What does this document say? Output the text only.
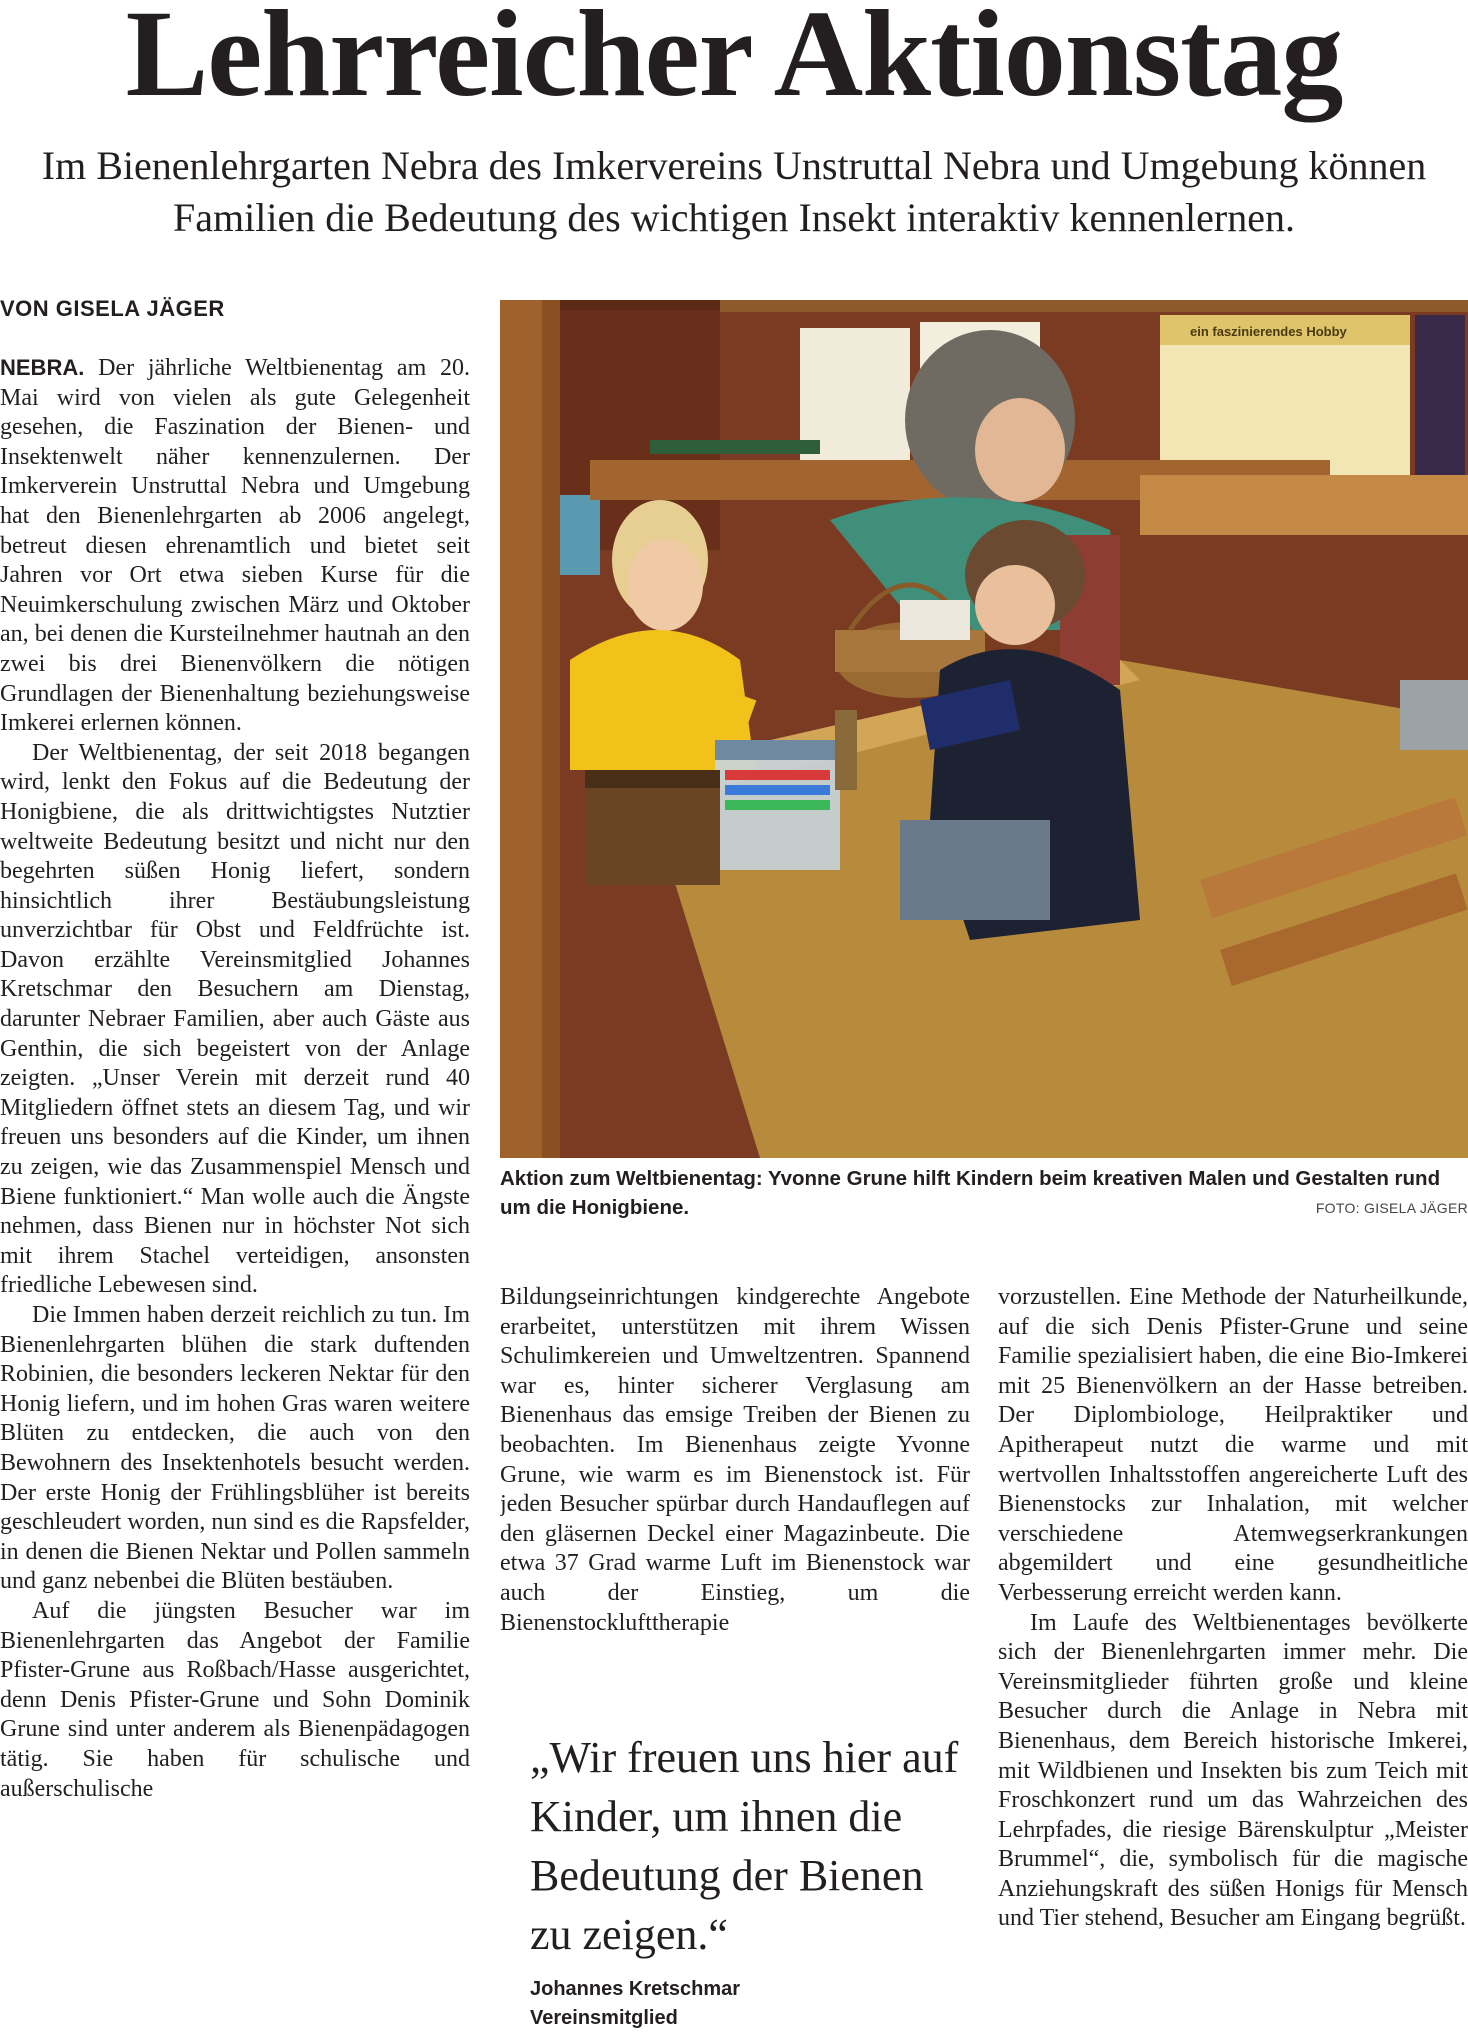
Lehrreicher Aktionstag

Im Bienenlehrgarten Nebra des Imkervereins Unstruttal Nebra und Umgebung können Familien die Bedeutung des wichtigen Insekt interaktiv kennenlernen.

VON GISELA JÄGER

NEBRA. Der jährliche Weltbienentag am 20. Mai wird von vielen als gute Gelegenheit gesehen, die Faszination der Bienen- und Insektenwelt näher kennenzulernen. Der Imkerverein Unstruttal Nebra und Umgebung hat den Bienenlehrgarten ab 2006 angelegt, betreut diesen ehrenamtlich und bietet seit Jahren vor Ort etwa sieben Kurse für die Neuimkerschulung zwischen März und Oktober an, bei denen die Kursteilnehmer hautnah an den zwei bis drei Bienenvölkern die nötigen Grundlagen der Bienenhaltung beziehungsweise Imkerei erlernen können.

Der Weltbienentag, der seit 2018 begangen wird, lenkt den Fokus auf die Bedeutung der Honigbiene, die als drittwichtigstes Nutztier weltweite Bedeutung besitzt und nicht nur den begehrten süßen Honig liefert, sondern hinsichtlich ihrer Bestäubungsleistung unverzichtbar für Obst und Feldfrüchte ist. Davon erzählte Vereinsmitglied Johannes Kretschmar den Besuchern am Dienstag, darunter Nebraer Familien, aber auch Gäste aus Genthin, die sich begeistert von der Anlage zeigten. „Unser Verein mit derzeit rund 40 Mitgliedern öffnet stets an diesem Tag, und wir freuen uns besonders auf die Kinder, um ihnen zu zeigen, wie das Zusammenspiel Mensch und Biene funktioniert.“ Man wolle auch die Ängste nehmen, dass Bienen nur in höchster Not sich mit ihrem Stachel verteidigen, ansonsten friedliche Lebewesen sind.

Die Immen haben derzeit reichlich zu tun. Im Bienenlehrgarten blühen die stark duftenden Robinien, die besonders leckeren Nektar für den Honig liefern, und im hohen Gras waren weitere Blüten zu entdecken, die auch von den Bewohnern des Insektenhotels besucht werden. Der erste Honig der Frühlingsblüher ist bereits geschleudert worden, nun sind es die Rapsfelder, in denen die Bienen Nektar und Pollen sammeln und ganz nebenbei die Blüten bestäuben.

Auf die jüngsten Besucher war im Bienenlehrgarten das Angebot der Familie Pfister-Grune aus Roßbach/Hasse ausgerichtet, denn Denis Pfister-Grune und Sohn Dominik Grune sind unter anderem als Bienenpädagogen tätig. Sie haben für schulische und außerschulische

ein faszinierendes Hobby
Aktion zum Weltbienentag: Yvonne Grune hilft Kindern beim kreativen Malen und Gestalten rund um die Honigbiene.	FOTO: GISELA JÄGER

Bildungseinrichtungen kindgerechte Angebote erarbeitet, unterstützen mit ihrem Wissen Schulimkereien und Umweltzentren. Spannend war es, hinter sicherer Verglasung am Bienenhaus das emsige Treiben der Bienen zu beobachten. Im Bienenhaus zeigte Yvonne Grune, wie warm es im Bienenstock ist. Für jeden Besucher spürbar durch Handauflegen auf den gläsernen Deckel einer Magazinbeute. Die etwa 37 Grad warme Luft im Bienenstock war auch der Einstieg, um die Bienenstocklufttherapie

„Wir freuen uns hier auf Kinder, um ihnen die Bedeutung der Bienen zu zeigen.“

Johannes Kretschmar
Vereinsmitglied

vorzustellen. Eine Methode der Naturheilkunde, auf die sich Denis Pfister-Grune und seine Familie spezialisiert haben, die eine Bio-Imkerei mit 25 Bienenvölkern an der Hasse betreiben. Der Diplombiologe, Heilpraktiker und Apitherapeut nutzt die warme und mit wertvollen Inhaltsstoffen angereicherte Luft des Bienenstocks zur Inhalation, mit welcher verschiedene Atemwegserkrankungen abgemildert und eine gesundheitliche Verbesserung erreicht werden kann.

Im Laufe des Weltbienentages bevölkerte sich der Bienenlehrgarten immer mehr. Die Vereinsmitglieder führten große und kleine Besucher durch die Anlage in Nebra mit Bienenhaus, dem Bereich historische Imkerei, mit Wildbienen und Insekten bis zum Teich mit Froschkonzert rund um das Wahrzeichen des Lehrpfades, die riesige Bärenskulptur „Meister Brummel“, die, symbolisch für die magische Anziehungskraft des süßen Honigs für Mensch und Tier stehend, Besucher am Eingang begrüßt.
